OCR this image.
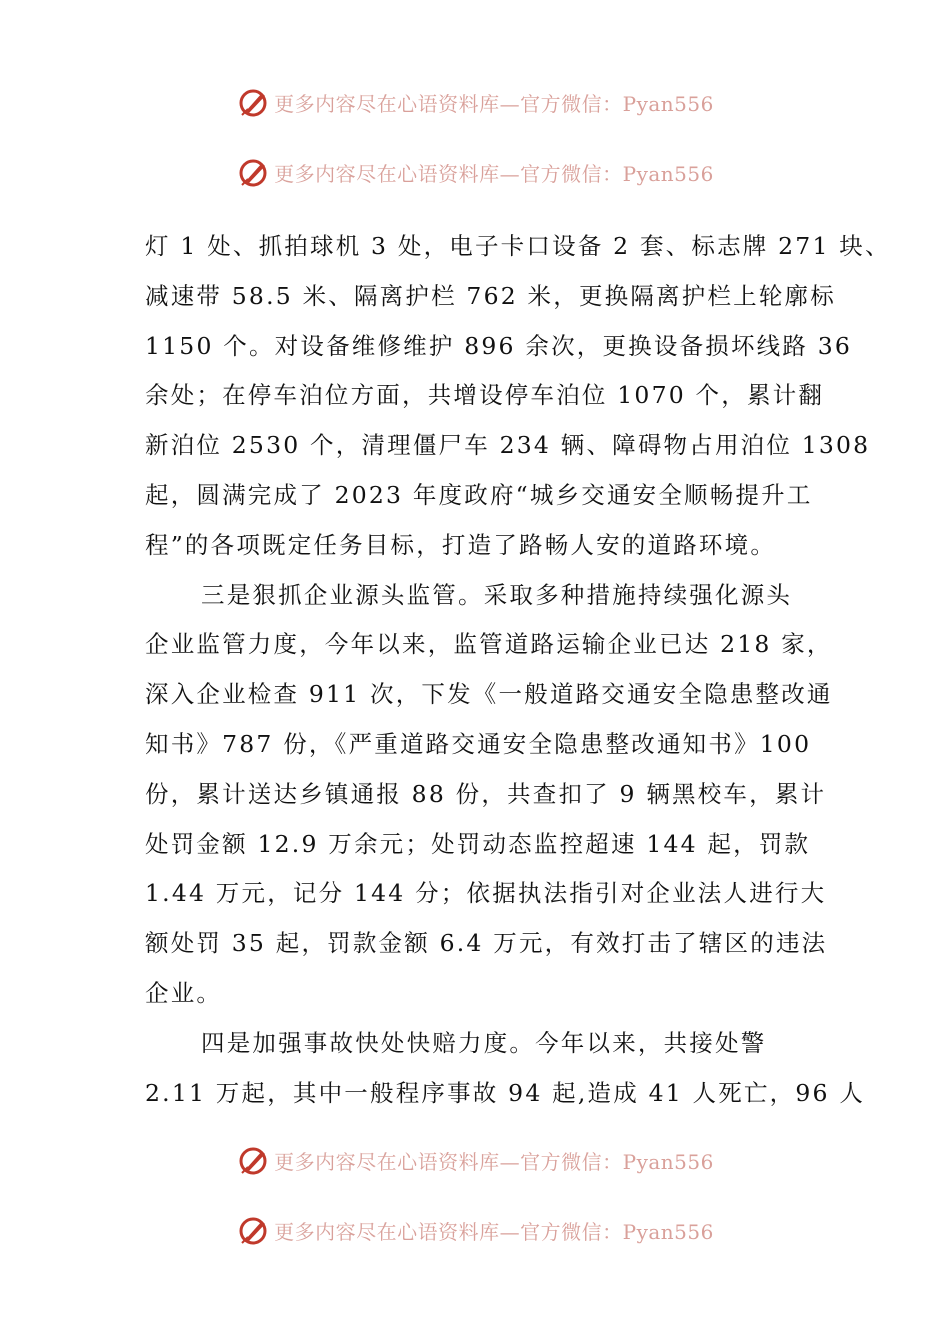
更多内容尽在心语资料库—官方微信：Pyan556
更多内容尽在心语资料库—官方微信：Pyan556
灯 1 处、抓拍球机 3 处，电子卡口设备 2 套、标志牌 271 块、
减速带 58.5 米、隔离护栏 762 米，更换隔离护栏上轮廓标
1150 个。对设备维修维护 896 余次，更换设备损坏线路 36
余处；在停车泊位方面，共增设停车泊位 1070 个，累计翻
新泊位 2530 个，清理僵尸车 234 辆、障碍物占用泊位 1308
起，圆满完成了 2023 年度政府“城乡交通安全顺畅提升工
程”的各项既定任务目标，打造了路畅人安的道路环境。
三是狠抓企业源头监管。采取多种措施持续强化源头
企业监管力度，今年以来，监管道路运输企业已达 218 家，
深入企业检查 911 次，下发《一般道路交通安全隐患整改通
知书》787 份，《严重道路交通安全隐患整改通知书》100
份，累计送达乡镇通报 88 份，共查扣了 9 辆黑校车，累计
处罚金额 12.9 万余元；处罚动态监控超速 144 起，罚款
1.44 万元，记分 144 分；依据执法指引对企业法人进行大
额处罚 35 起，罚款金额 6.4 万元，有效打击了辖区的违法
企业。
四是加强事故快处快赔力度。今年以来，共接处警
2.11 万起，其中一般程序事故 94 起,造成 41 人死亡，96 人
更多内容尽在心语资料库—官方微信：Pyan556
更多内容尽在心语资料库—官方微信：Pyan556
